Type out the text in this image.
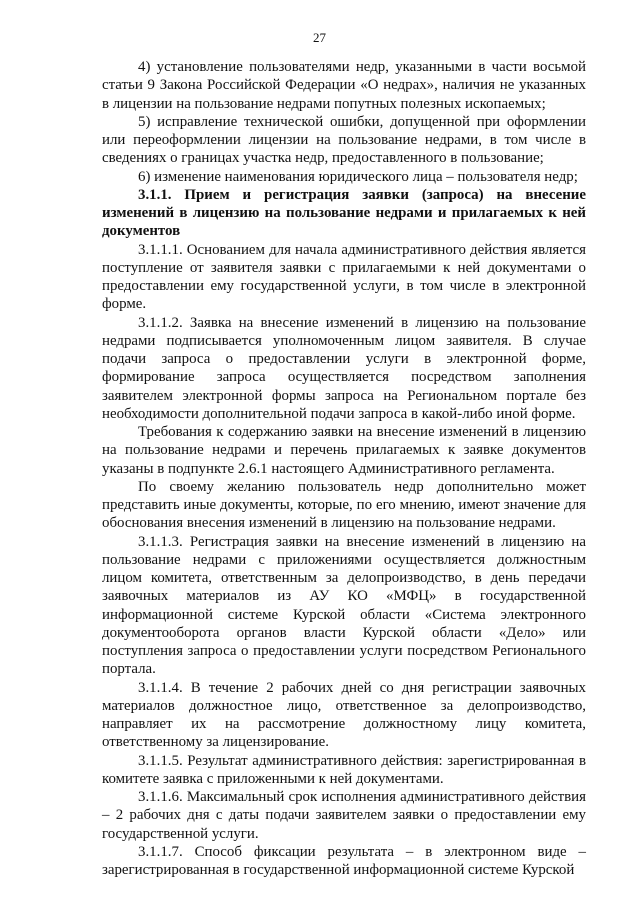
27

4) установление пользователями недр, указанными в части восьмой статьи 9 Закона Российской Федерации «О недрах», наличия не указанных в лицензии на пользование недрами попутных полезных ископаемых;

5) исправление технической ошибки, допущенной при оформлении или переоформлении лицензии на пользование недрами, в том числе в сведениях о границах участка недр, предоставленного в пользование;

6) изменение наименования юридического лица – пользователя недр;

3.1.1. Прием и регистрация заявки (запроса) на внесение изменений в лицензию на пользование недрами и прилагаемых к ней документов

3.1.1.1. Основанием для начала административного действия является поступление от заявителя заявки с прилагаемыми к ней документами о предоставлении ему государственной услуги, в том числе в электронной форме.

3.1.1.2. Заявка на внесение изменений в лицензию на пользование недрами подписывается уполномоченным лицом заявителя. В случае подачи запроса о предоставлении услуги в электронной форме, формирование запроса осуществляется посредством заполнения заявителем электронной формы запроса на Региональном портале без необходимости дополнительной подачи запроса в какой-либо иной форме.

Требования к содержанию заявки на внесение изменений в лицензию на пользование недрами и перечень прилагаемых к заявке документов указаны в подпункте 2.6.1 настоящего Административного регламента.

По своему желанию пользователь недр дополнительно может представить иные документы, которые, по его мнению, имеют значение для обоснования внесения изменений в лицензию на пользование недрами.

3.1.1.3. Регистрация заявки на внесение изменений в лицензию на пользование недрами с приложениями осуществляется должностным лицом комитета, ответственным за делопроизводство, в день передачи заявочных материалов из АУ КО «МФЦ» в государственной информационной системе Курской области «Система электронного документооборота органов власти Курской области «Дело» или поступления запроса о предоставлении услуги посредством Регионального портала.

3.1.1.4. В течение 2 рабочих дней со дня регистрации заявочных материалов должностное лицо, ответственное за делопроизводство, направляет их на рассмотрение должностному лицу комитета, ответственному за лицензирование.

3.1.1.5. Результат административного действия: зарегистрированная в комитете заявка с приложенными к ней документами.

3.1.1.6. Максимальный срок исполнения административного действия – 2 рабочих дня с даты подачи заявителем заявки о предоставлении ему государственной услуги.

3.1.1.7. Способ фиксации результата – в электронном виде – зарегистрированная в государственной информационной системе Курской
